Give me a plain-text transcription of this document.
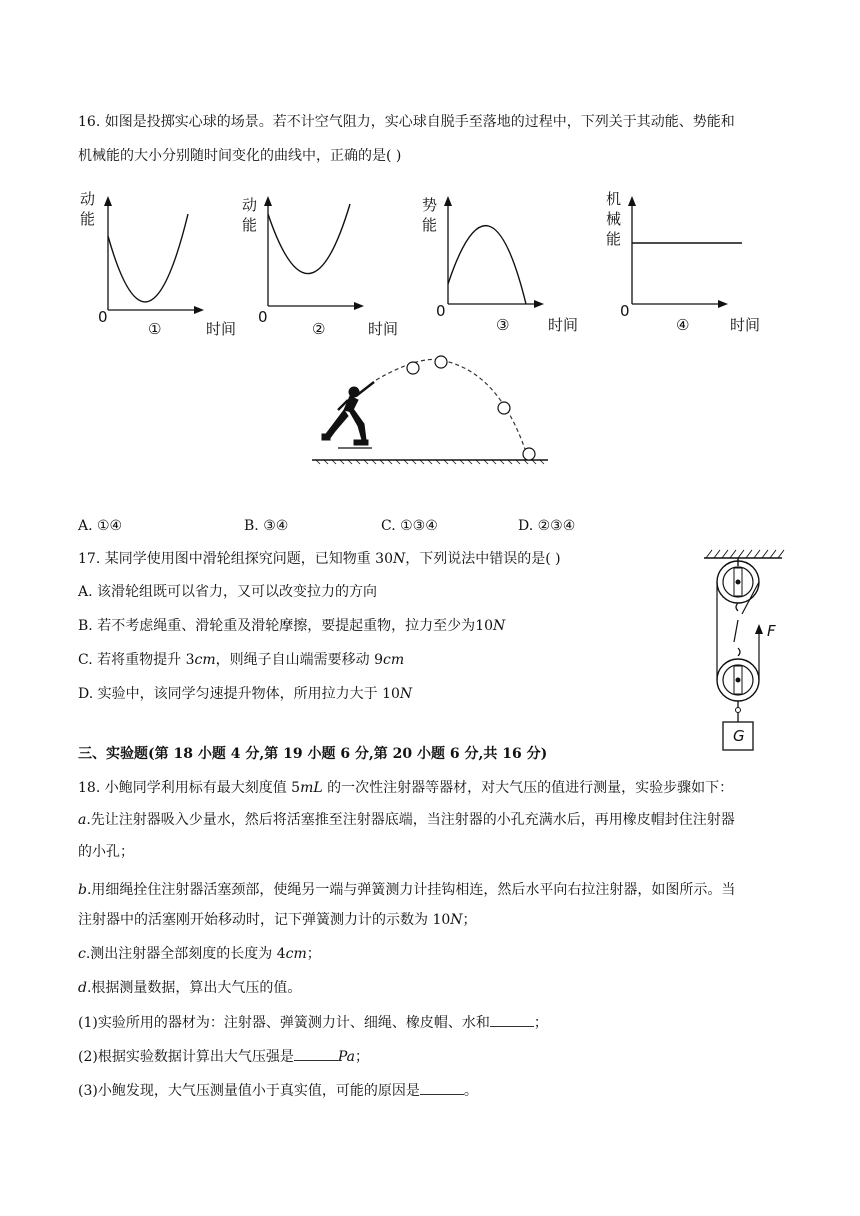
16. 如图是投掷实心球的场景。若不计空气阻力，实心球自脱手至落地的过程中，下列关于其动能、势能和
机械能的大小分别随时间变化的曲线中，正确的是( )
动
能
0
①	时间
动
能
0
②	时间
势
能
0
③	时间
机
械
能
0
④	时间
A. ①④	B. ③④	C. ①③④	D. ②③④
17. 某同学使用图中滑轮组探究问题，已知物重 30N，下列说法中错误的是( )
A. 该滑轮组既可以省力，又可以改变拉力的方向
B. 若不考虑绳重、滑轮重及滑轮摩擦，要提起重物，拉力至少为10N
C. 若将重物提升 3cm，则绳子自山端需要移动 9cm
D. 实验中，该同学匀速提升物体，所用拉力大于 10N
F
G
三、实验题(第 18 小题 4 分,第 19 小题 6 分,第 20 小题 6 分,共 16 分)
18. 小鲍同学利用标有最大刻度值 5mL 的一次性注射器等器材，对大气压的值进行测量，实验步骤如下：
a.先让注射器吸入少量水，然后将活塞推至注射器底端，当注射器的小孔充满水后，再用橡皮帽封住注射器
的小孔；
b.用细绳拴住注射器活塞颈部，使绳另一端与弹簧测力计挂钩相连，然后水平向右拉注射器，如图所示。当
注射器中的活塞刚开始移动时，记下弹簧测力计的示数为 10N；
c.测出注射器全部刻度的长度为 4cm；
d.根据测量数据，算出大气压的值。
(1)实验所用的器材为：注射器、弹簧测力计、细绳、橡皮帽、水和	；
(2)根据实验数据计算出大气压强是	Pa；
(3)小鲍发现，大气压测量值小于真实值，可能的原因是	。
